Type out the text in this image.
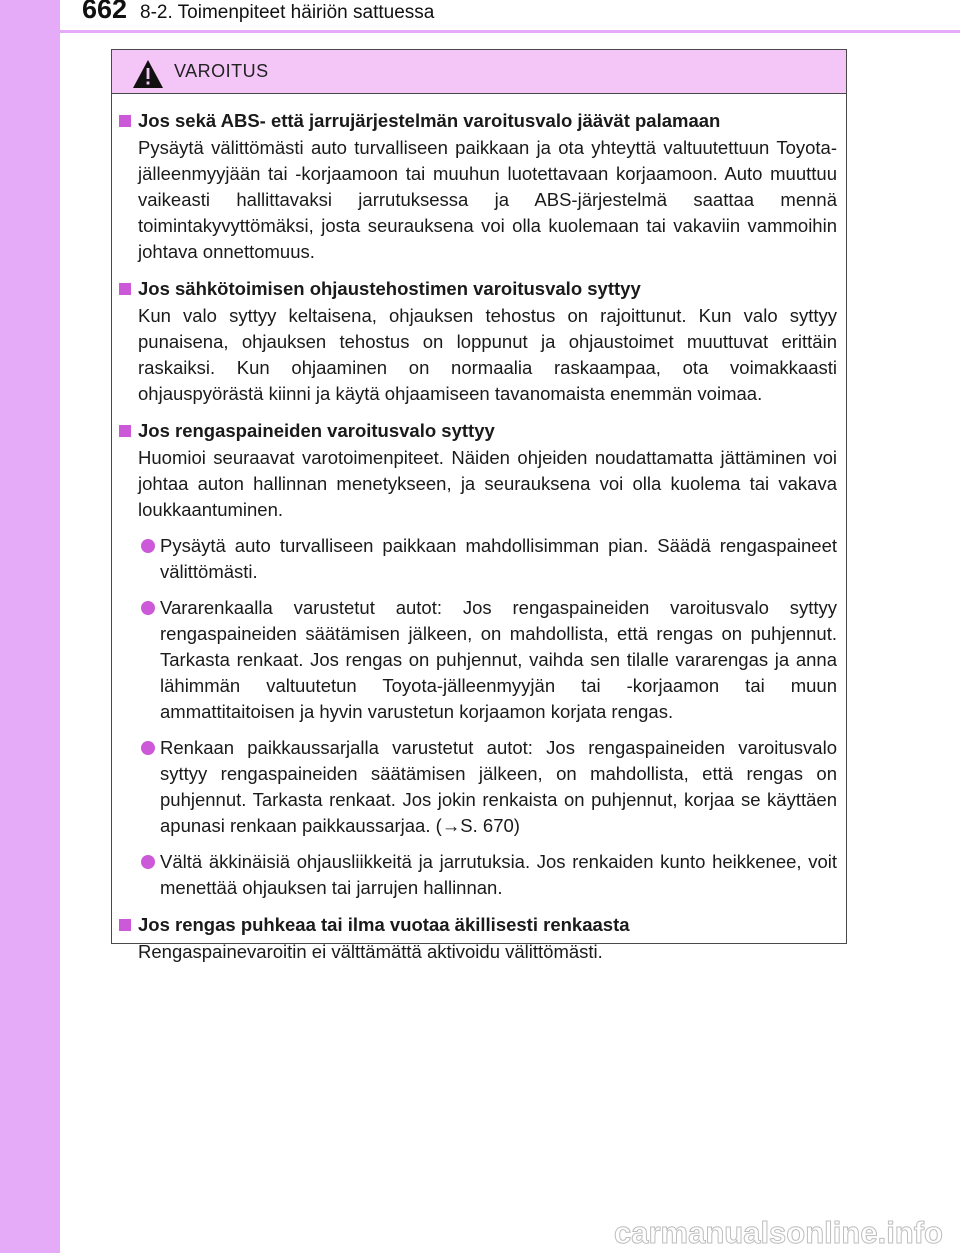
662 8-2. Toimenpiteet häiriön sattuessa
VAROITUS
Jos sekä ABS- että jarrujärjestelmän varoitusvalo jäävät palamaan
Pysäytä välittömästi auto turvalliseen paikkaan ja ota yhteyttä valtuutettuun Toyota-jälleenmyyjään tai -korjaamoon tai muuhun luotettavaan korjaamoon. Auto muuttuu vaikeasti hallittavaksi jarrutuksessa ja ABS-järjestelmä saattaa mennä toimintakyvyttömäksi, josta seurauksena voi olla kuolemaan tai vakaviin vammoihin johtava onnettomuus.
Jos sähkötoimisen ohjaustehostimen varoitusvalo syttyy
Kun valo syttyy keltaisena, ohjauksen tehostus on rajoittunut. Kun valo syttyy punaisena, ohjauksen tehostus on loppunut ja ohjaustoimet muuttuvat erittäin raskaiksi. Kun ohjaaminen on normaalia raskaampaa, ota voimakkaasti ohjauspyörästä kiinni ja käytä ohjaamiseen tavanomaista enemmän voimaa.
Jos rengaspaineiden varoitusvalo syttyy
Huomioi seuraavat varotoimenpiteet. Näiden ohjeiden noudattamatta jättäminen voi johtaa auton hallinnan menetykseen, ja seurauksena voi olla kuolema tai vakava loukkaantuminen.
Pysäytä auto turvalliseen paikkaan mahdollisimman pian. Säädä rengaspaineet välittömästi.
Vararenkaalla varustetut autot: Jos rengaspaineiden varoitusvalo syttyy rengaspaineiden säätämisen jälkeen, on mahdollista, että rengas on puhjennut. Tarkasta renkaat. Jos rengas on puhjennut, vaihda sen tilalle vararengas ja anna lähimmän valtuutetun Toyota-jälleenmyyjän tai -korjaamon tai muun ammattitaitoisen ja hyvin varustetun korjaamon korjata rengas.
Renkaan paikkaussarjalla varustetut autot: Jos rengaspaineiden varoitusvalo syttyy rengaspaineiden säätämisen jälkeen, on mahdollista, että rengas on puhjennut. Tarkasta renkaat. Jos jokin renkaista on puhjennut, korjaa se käyttäen apunasi renkaan paikkaussarjaa. (→S. 670)
Vältä äkkinäisiä ohjausliikkeitä ja jarrutuksia. Jos renkaiden kunto heikkenee, voit menettää ohjauksen tai jarrujen hallinnan.
Jos rengas puhkeaa tai ilma vuotaa äkillisesti renkaasta
Rengaspainevaroitin ei välttämättä aktivoidu välittömästi.
carmanualsonline.info
